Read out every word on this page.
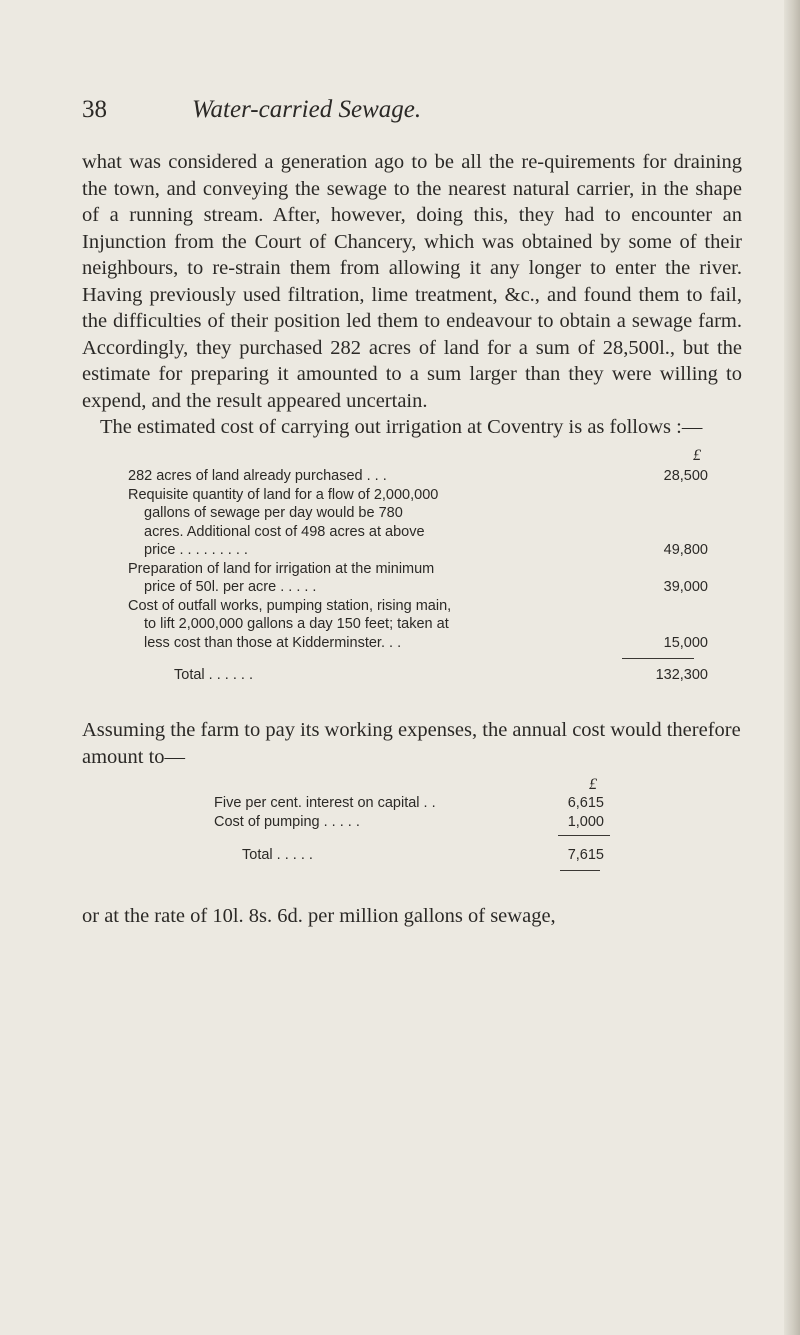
38	Water-carried Sewage.

what was considered a generation ago to be all the re-quirements for draining the town, and conveying the sewage to the nearest natural carrier, in the shape of a running stream. After, however, doing this, they had to encounter an Injunction from the Court of Chancery, which was obtained by some of their neighbours, to re-strain them from allowing it any longer to enter the river. Having previously used filtration, lime treatment, &c., and found them to fail, the difficulties of their position led them to endeavour to obtain a sewage farm. Accordingly, they purchased 282 acres of land for a sum of 28,500l., but the estimate for preparing it amounted to a sum larger than they were willing to expend, and the result appeared uncertain.

The estimated cost of carrying out irrigation at Coventry is as follows :—

£
282 acres of land already purchased . . .	28,500
Requisite quantity of land for a flow of 2,000,000
gallons of sewage per day would be 780
acres. Additional cost of 498 acres at above
price . . . . . . . . .	49,800
Preparation of land for irrigation at the minimum
price of 50l. per acre . . . . .	39,000
Cost of outfall works, pumping station, rising main,
to lift 2,000,000 gallons a day 150 feet; taken at
less cost than those at Kidderminster. . .	15,000
Total . . . . . .	132,300
Assuming the farm to pay its working expenses, the annual cost would therefore amount to—
£
Five per cent. interest on capital . .	6,615
Cost of pumping . . . . .	1,000
Total . . . . .	7,615
or at the rate of 10l. 8s. 6d. per million gallons of sewage,
